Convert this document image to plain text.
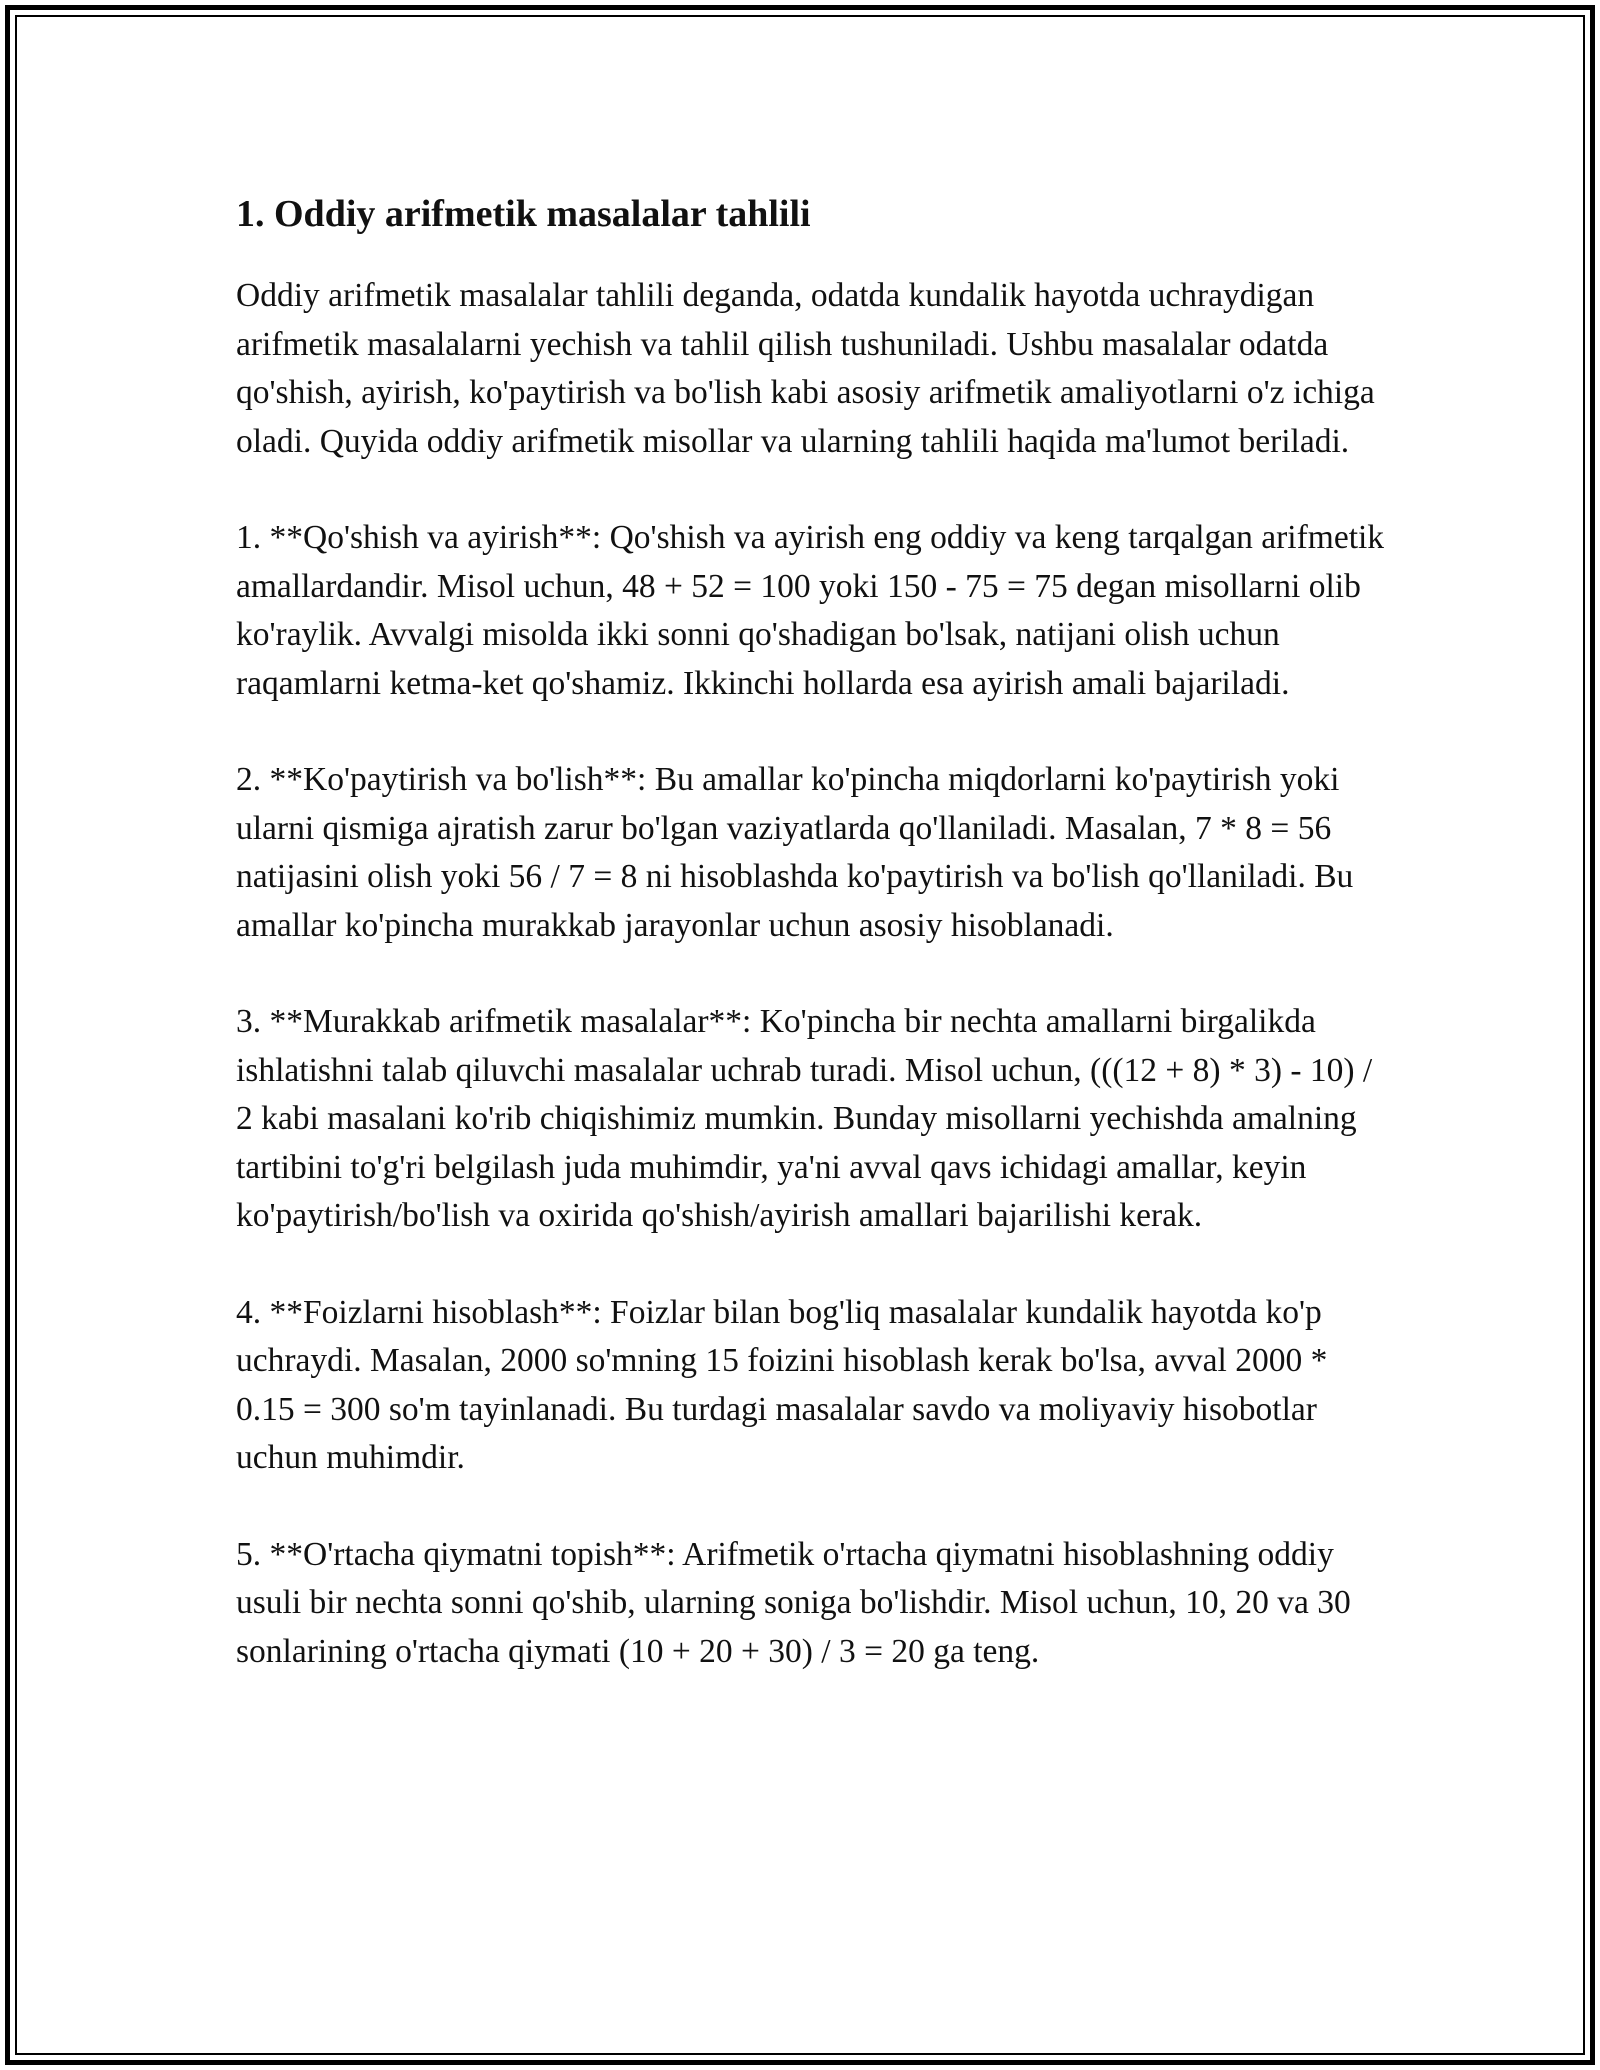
1. Oddiy arifmetik masalalar tahlili

Oddiy arifmetik masalalar tahlili deganda, odatda kundalik hayotda uchraydigan arifmetik masalalarni yechish va tahlil qilish tushuniladi. Ushbu masalalar odatda qo'shish, ayirish, ko'paytirish va bo'lish kabi asosiy arifmetik amaliyotlarni o'z ichiga oladi. Quyida oddiy arifmetik misollar va ularning tahlili haqida ma'lumot beriladi.

1. **Qo'shish va ayirish**: Qo'shish va ayirish eng oddiy va keng tarqalgan arifmetik amallardandir. Misol uchun, 48 + 52 = 100 yoki 150 - 75 = 75 degan misollarni olib ko'raylik. Avvalgi misolda ikki sonni qo'shadigan bo'lsak, natijani olish uchun raqamlarni ketma-ket qo'shamiz. Ikkinchi hollarda esa ayirish amali bajariladi.

2. **Ko'paytirish va bo'lish**: Bu amallar ko'pincha miqdorlarni ko'paytirish yoki ularni qismiga ajratish zarur bo'lgan vaziyatlarda qo'llaniladi. Masalan, 7 * 8 = 56 natijasini olish yoki 56 / 7 = 8 ni hisoblashda ko'paytirish va bo'lish qo'llaniladi. Bu amallar ko'pincha murakkab jarayonlar uchun asosiy hisoblanadi.

3. **Murakkab arifmetik masalalar**: Ko'pincha bir nechta amallarni birgalikda ishlatishni talab qiluvchi masalalar uchrab turadi. Misol uchun, (((12 + 8) * 3) - 10) / 2 kabi masalani ko'rib chiqishimiz mumkin. Bunday misollarni yechishda amalning tartibini to'g'ri belgilash juda muhimdir, ya'ni avval qavs ichidagi amallar, keyin ko'paytirish/bo'lish va oxirida qo'shish/ayirish amallari bajarilishi kerak.

4. **Foizlarni hisoblash**: Foizlar bilan bog'liq masalalar kundalik hayotda ko'p uchraydi. Masalan, 2000 so'mning 15 foizini hisoblash kerak bo'lsa, avval 2000 * 0.15 = 300 so'm tayinlanadi. Bu turdagi masalalar savdo va moliyaviy hisobotlar uchun muhimdir.

5. **O'rtacha qiymatni topish**: Arifmetik o'rtacha qiymatni hisoblashning oddiy usuli bir nechta sonni qo'shib, ularning soniga bo'lishdir. Misol uchun, 10, 20 va 30 sonlarining o'rtacha qiymati (10 + 20 + 30) / 3 = 20 ga teng.
